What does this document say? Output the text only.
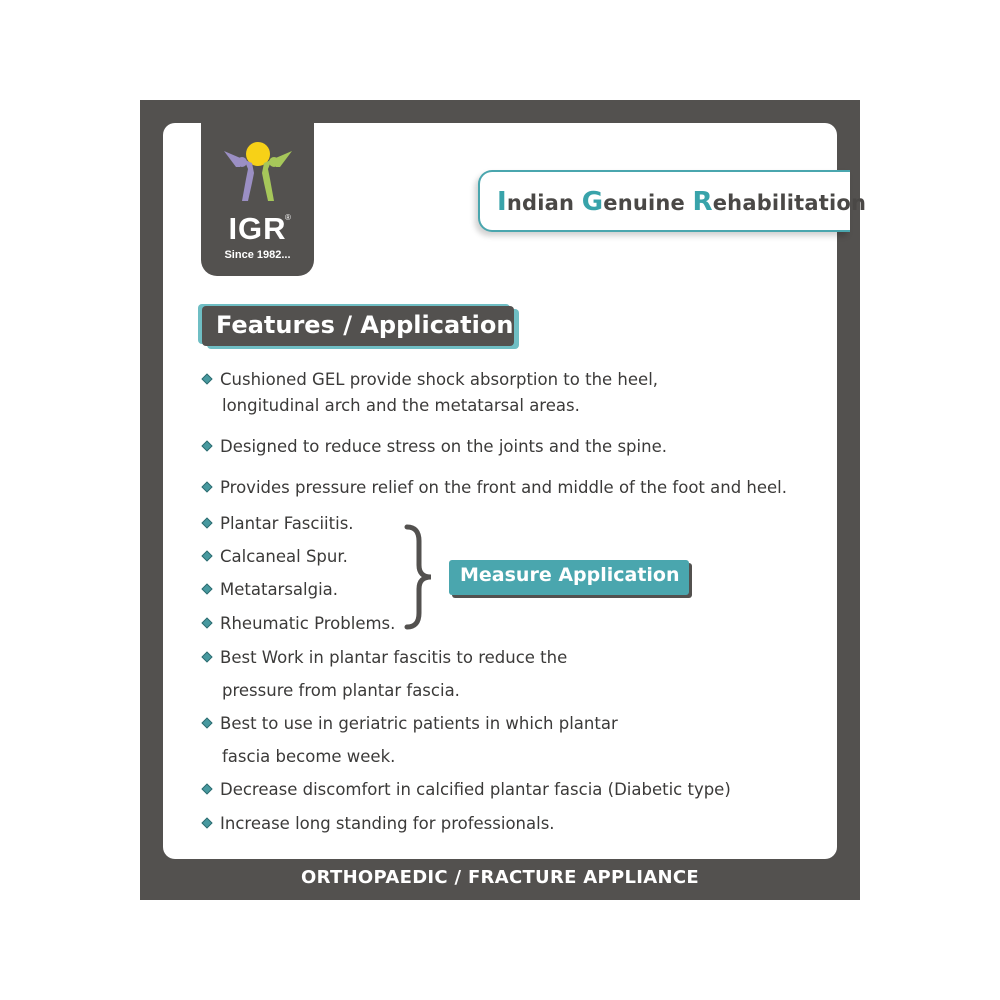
IGR
®
Since 1982...
Indian Genuine Rehabilitation
Features / Application
Cushioned GEL provide shock absorption to the heel,
longitudinal arch and the metatarsal areas.
Designed to reduce stress on the joints and the spine.
Provides pressure relief on the front and middle of the foot and heel.
Plantar Fasciitis.
Calcaneal Spur.
Metatarsalgia.
Rheumatic Problems.
Measure Application
Best Work in plantar fascitis to reduce the
pressure from plantar fascia.
Best to use in geriatric patients in which plantar
fascia become week.
Decrease discomfort in calcified plantar fascia (Diabetic type)
Increase long standing for professionals.
ORTHOPAEDIC / FRACTURE APPLIANCE
